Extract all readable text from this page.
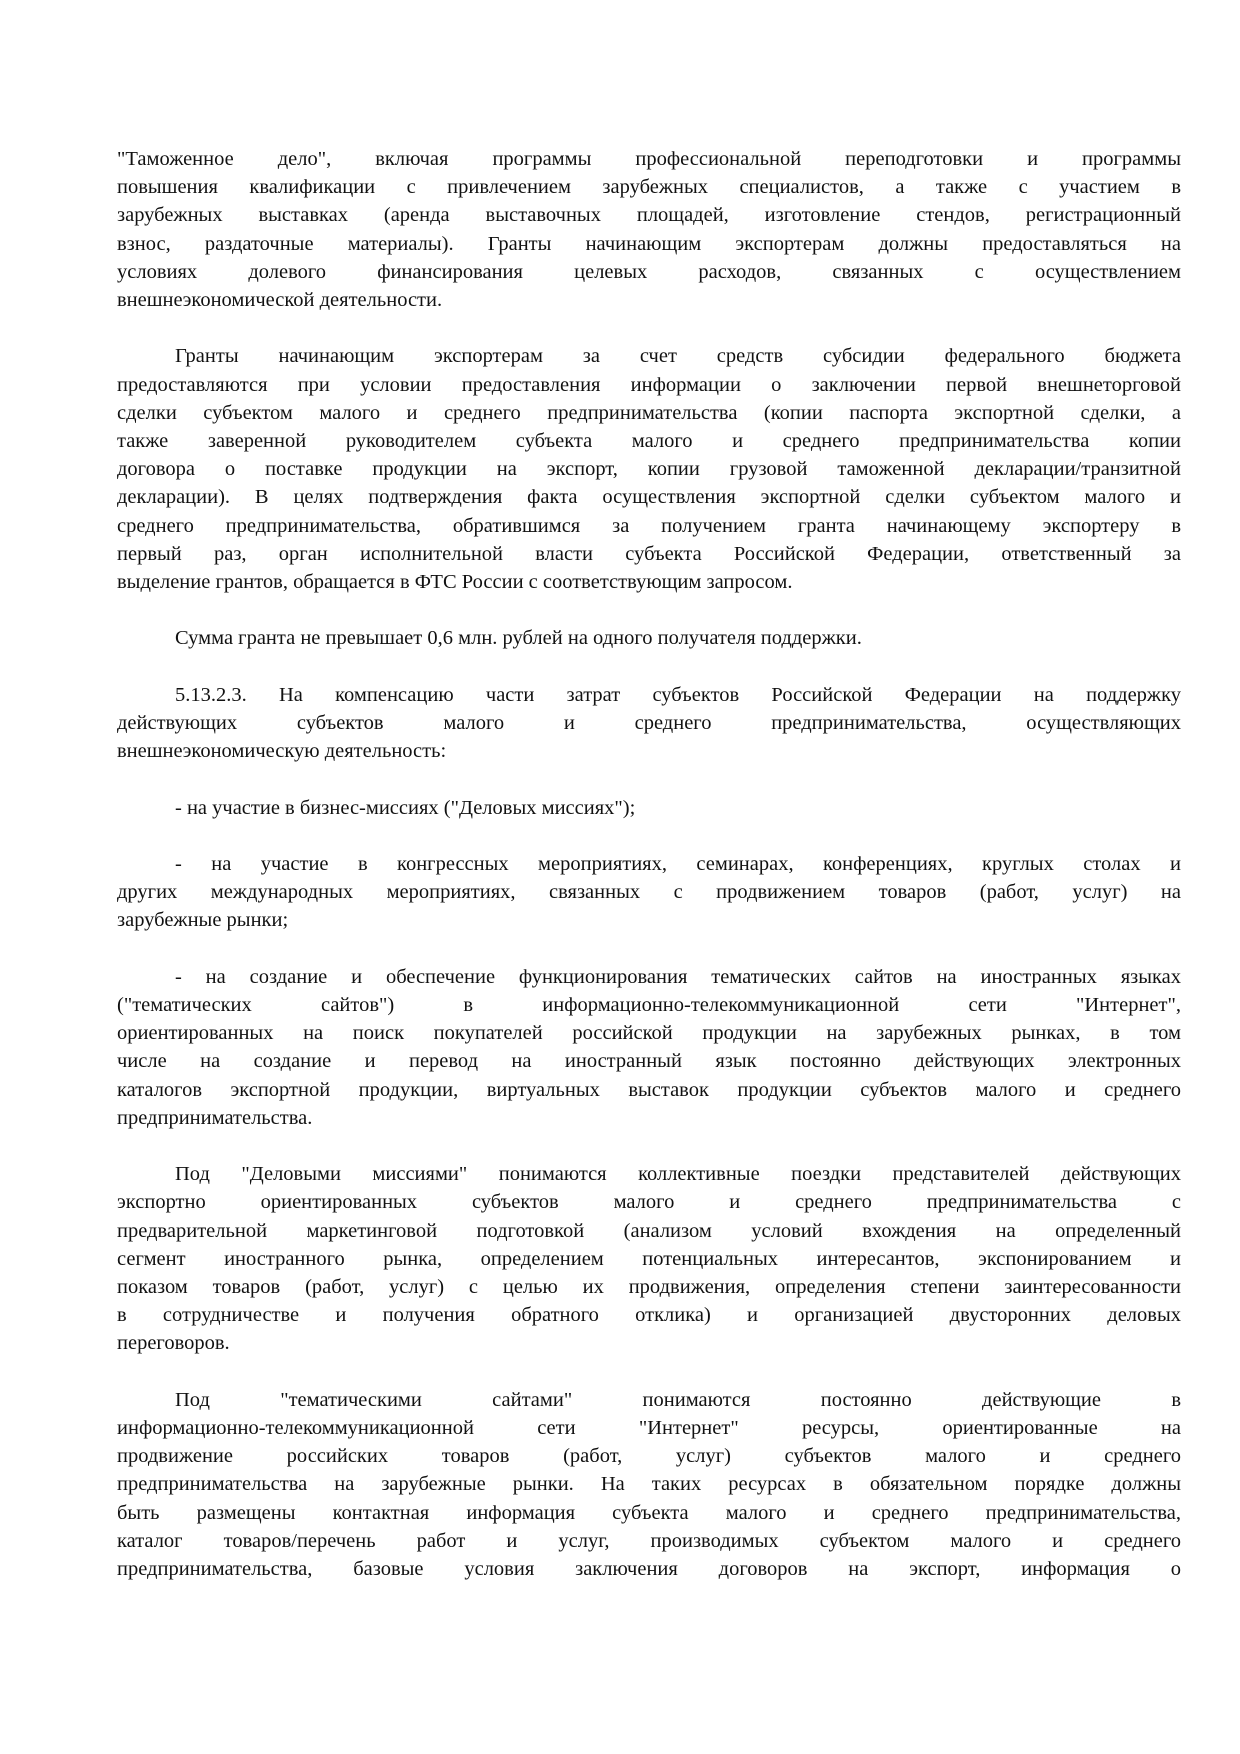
"Таможенное дело", включая программы профессиональной переподготовки и программы
повышения квалификации с привлечением зарубежных специалистов, а также с участием в
зарубежных выставках (аренда выставочных площадей, изготовление стендов, регистрационный
взнос, раздаточные материалы). Гранты начинающим экспортерам должны предоставляться на
условиях долевого финансирования целевых расходов, связанных с осуществлением
внешнеэкономической деятельности.
Гранты начинающим экспортерам за счет средств субсидии федерального бюджета
предоставляются при условии предоставления информации о заключении первой внешнеторговой
сделки субъектом малого и среднего предпринимательства (копии паспорта экспортной сделки, а
также заверенной руководителем субъекта малого и среднего предпринимательства копии
договора о поставке продукции на экспорт, копии грузовой таможенной декларации/транзитной
декларации). В целях подтверждения факта осуществления экспортной сделки субъектом малого и
среднего предпринимательства, обратившимся за получением гранта начинающему экспортеру в
первый раз, орган исполнительной власти субъекта Российской Федерации, ответственный за
выделение грантов, обращается в ФТС России с соответствующим запросом.
Сумма гранта не превышает 0,6 млн. рублей на одного получателя поддержки.
5.13.2.3. На компенсацию части затрат субъектов Российской Федерации на поддержку
действующих субъектов малого и среднего предпринимательства, осуществляющих
внешнеэкономическую деятельность:
- на участие в бизнес-миссиях ("Деловых миссиях");
- на участие в конгрессных мероприятиях, семинарах, конференциях, круглых столах и
других международных мероприятиях, связанных с продвижением товаров (работ, услуг) на
зарубежные рынки;
- на создание и обеспечение функционирования тематических сайтов на иностранных языках
("тематических сайтов") в информационно-телекоммуникационной сети "Интернет",
ориентированных на поиск покупателей российской продукции на зарубежных рынках, в том
числе на создание и перевод на иностранный язык постоянно действующих электронных
каталогов экспортной продукции, виртуальных выставок продукции субъектов малого и среднего
предпринимательства.
Под "Деловыми миссиями" понимаются коллективные поездки представителей действующих
экспортно ориентированных субъектов малого и среднего предпринимательства с
предварительной маркетинговой подготовкой (анализом условий вхождения на определенный
сегмент иностранного рынка, определением потенциальных интересантов, экспонированием и
показом товаров (работ, услуг) с целью их продвижения, определения степени заинтересованности
в сотрудничестве и получения обратного отклика) и организацией двусторонних деловых
переговоров.
Под "тематическими сайтами" понимаются постоянно действующие в
информационно-телекоммуникационной сети "Интернет" ресурсы, ориентированные на
продвижение российских товаров (работ, услуг) субъектов малого и среднего
предпринимательства на зарубежные рынки. На таких ресурсах в обязательном порядке должны
быть размещены контактная информация субъекта малого и среднего предпринимательства,
каталог товаров/перечень работ и услуг, производимых субъектом малого и среднего
предпринимательства, базовые условия заключения договоров на экспорт, информация о
